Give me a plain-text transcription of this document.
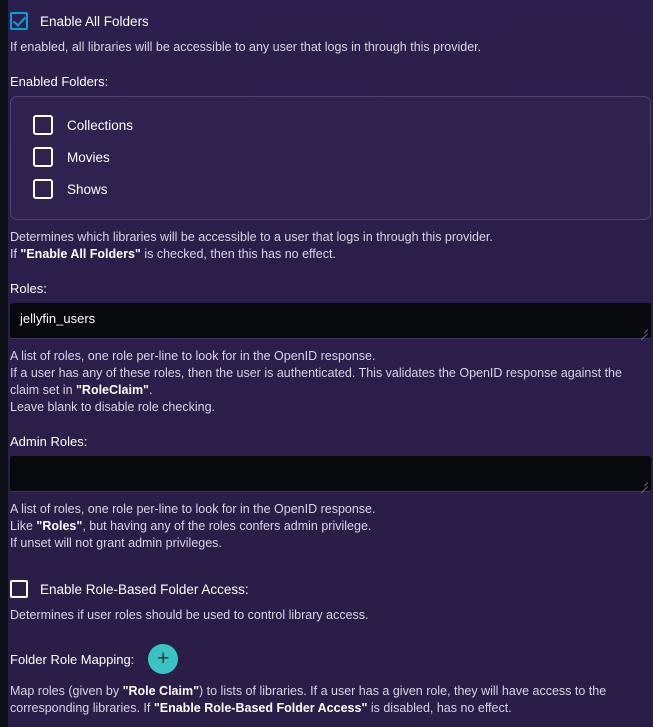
Enable All Folders
If enabled, all libraries will be accessible to any user that logs in through this provider.
Enabled Folders:
Collections
Movies
Shows
Determines which libraries will be accessible to a user that logs in through this provider.
If "Enable All Folders" is checked, then this has no effect.
Roles:
jellyfin_users
A list of roles, one role per-line to look for in the OpenID response.
If a user has any of these roles, then the user is authenticated. This validates the OpenID response against the
claim set in "RoleClaim".
Leave blank to disable role checking.
Admin Roles:
A list of roles, one role per-line to look for in the OpenID response.
Like "Roles", but having any of the roles confers admin privilege.
If unset will not grant admin privileges.
Enable Role-Based Folder Access:
Determines if user roles should be used to control library access.
Folder Role Mapping:	+
Map roles (given by "Role Claim") to lists of libraries. If a user has a given role, they will have access to the
corresponding libraries. If "Enable Role-Based Folder Access" is disabled, has no effect.
